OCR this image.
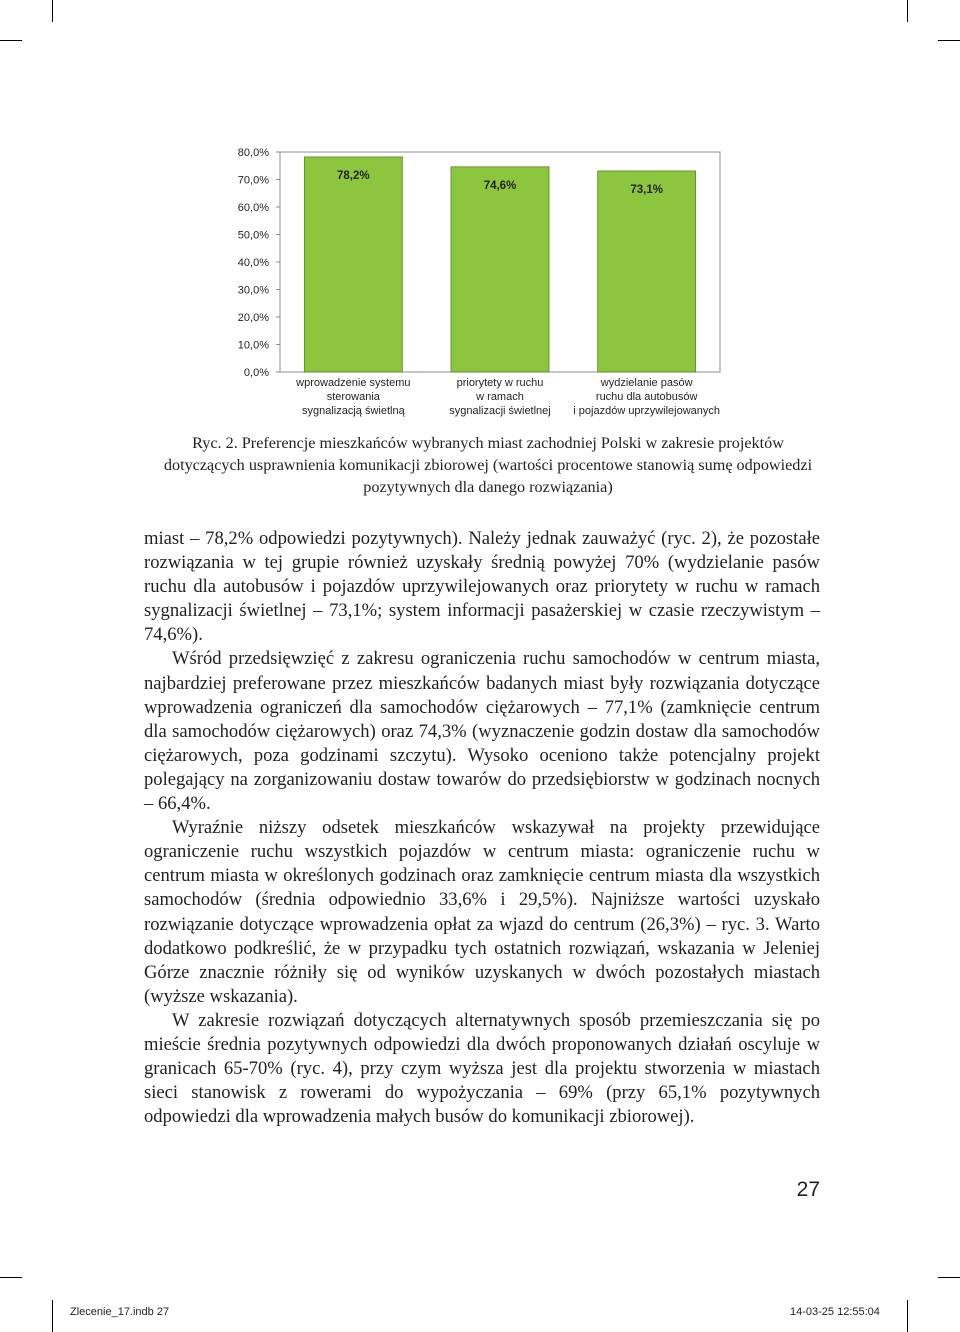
0,0%
10,0%
20,0%
30,0%
40,0%
50,0%
60,0%
70,0%
80,0%
78,2%
74,6%	73,1%
wprowadzenie systemu
sterowania
sygnalizacją świetlną
priorytety w ruchu
w ramach
sygnalizacji świetlnej
wydzielanie pasów
ruchu dla autobusów
i pojazdów uprzywilejowanych

Ryc. 2. Preferencje mieszkańców wybranych miast zachodniej Polski w zakresie projektów dotyczących usprawnienia komunikacji zbiorowej (wartości procentowe stanowią sumę odpowiedzi pozytywnych dla danego rozwiązania)

miast – 78,2% odpowiedzi pozytywnych). Należy jednak zauważyć (ryc. 2), że pozostałe rozwiązania w tej grupie również uzyskały średnią powyżej 70% (wydzielanie pasów ruchu dla autobusów i pojazdów uprzywilejowanych oraz priorytety w ruchu w ramach sygnalizacji świetlnej – 73,1%; system informacji pasażerskiej w czasie rzeczywistym – 74,6%).

Wśród przedsięwzięć z zakresu ograniczenia ruchu samochodów w centrum miasta, najbardziej preferowane przez mieszkańców badanych miast były rozwiązania dotyczące wprowadzenia ograniczeń dla samochodów ciężarowych – 77,1% (zamknięcie centrum dla samochodów ciężarowych) oraz 74,3% (wyznaczenie godzin dostaw dla samochodów ciężarowych, poza godzinami szczytu). Wysoko oceniono także potencjalny projekt polegający na zorganizowaniu dostaw towarów do przedsiębiorstw w godzinach nocnych – 66,4%.

Wyraźnie niższy odsetek mieszkańców wskazywał na projekty przewidujące ograniczenie ruchu wszystkich pojazdów w centrum miasta: ograniczenie ruchu w centrum miasta w określonych godzinach oraz zamknięcie centrum miasta dla wszystkich samochodów (średnia odpowiednio 33,6% i 29,5%). Najniższe wartości uzyskało rozwiązanie dotyczące wprowadzenia opłat za wjazd do centrum (26,3%) – ryc. 3. Warto dodatkowo podkreślić, że w przypadku tych ostatnich rozwiązań, wskazania w Jeleniej Górze znacznie różniły się od wyników uzyskanych w dwóch pozostałych miastach (wyższe wskazania).

W zakresie rozwiązań dotyczących alternatywnych sposób przemieszczania się po mieście średnia pozytywnych odpowiedzi dla dwóch proponowanych działań oscyluje w granicach 65-70% (ryc. 4), przy czym wyższa jest dla projektu stworzenia w miastach sieci stanowisk z rowerami do wypożyczania – 69% (przy 65,1% pozytywnych odpowiedzi dla wprowadzenia małych busów do komunikacji zbiorowej).

27
Zlecenie_17.indb 27	14-03-25 12:55:04
